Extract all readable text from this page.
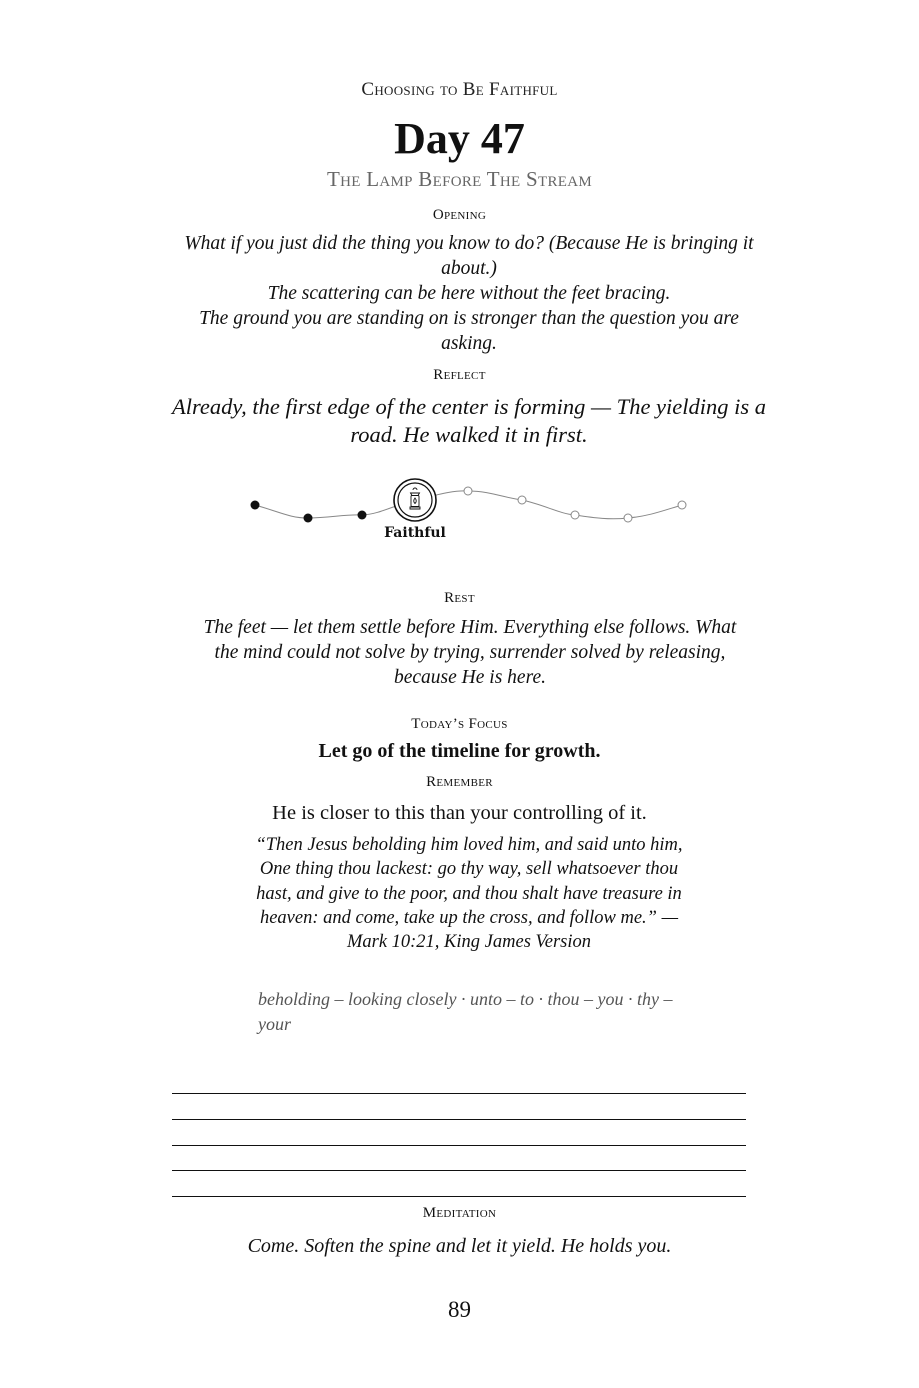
Choosing to Be Faithful
Day 47
The Lamp Before The Stream
Opening
What if you just did the thing you know to do? (Because He is bringing it about.)
The scattering can be here without the feet bracing.
The ground you are standing on is stronger than the question you are asking.
Reflect
Already, the first edge of the center is forming — The yielding is a road. He walked it in first.
Faithful
Rest
The feet — let them settle before Him. Everything else follows. What the mind could not solve by trying, surrender solved by releasing, because He is here.
Today’s Focus
Let go of the timeline for growth.
Remember
He is closer to this than your controlling of it.
“Then Jesus beholding him loved him, and said unto him, One thing thou lackest: go thy way, sell whatsoever thou hast, and give to the poor, and thou shalt have treasure in heaven: and come, take up the cross, and follow me.” —
Mark 10:21, King James Version
beholding – looking closely · unto – to · thou – you · thy – your
Meditation
Come. Soften the spine and let it yield. He holds you.
89
